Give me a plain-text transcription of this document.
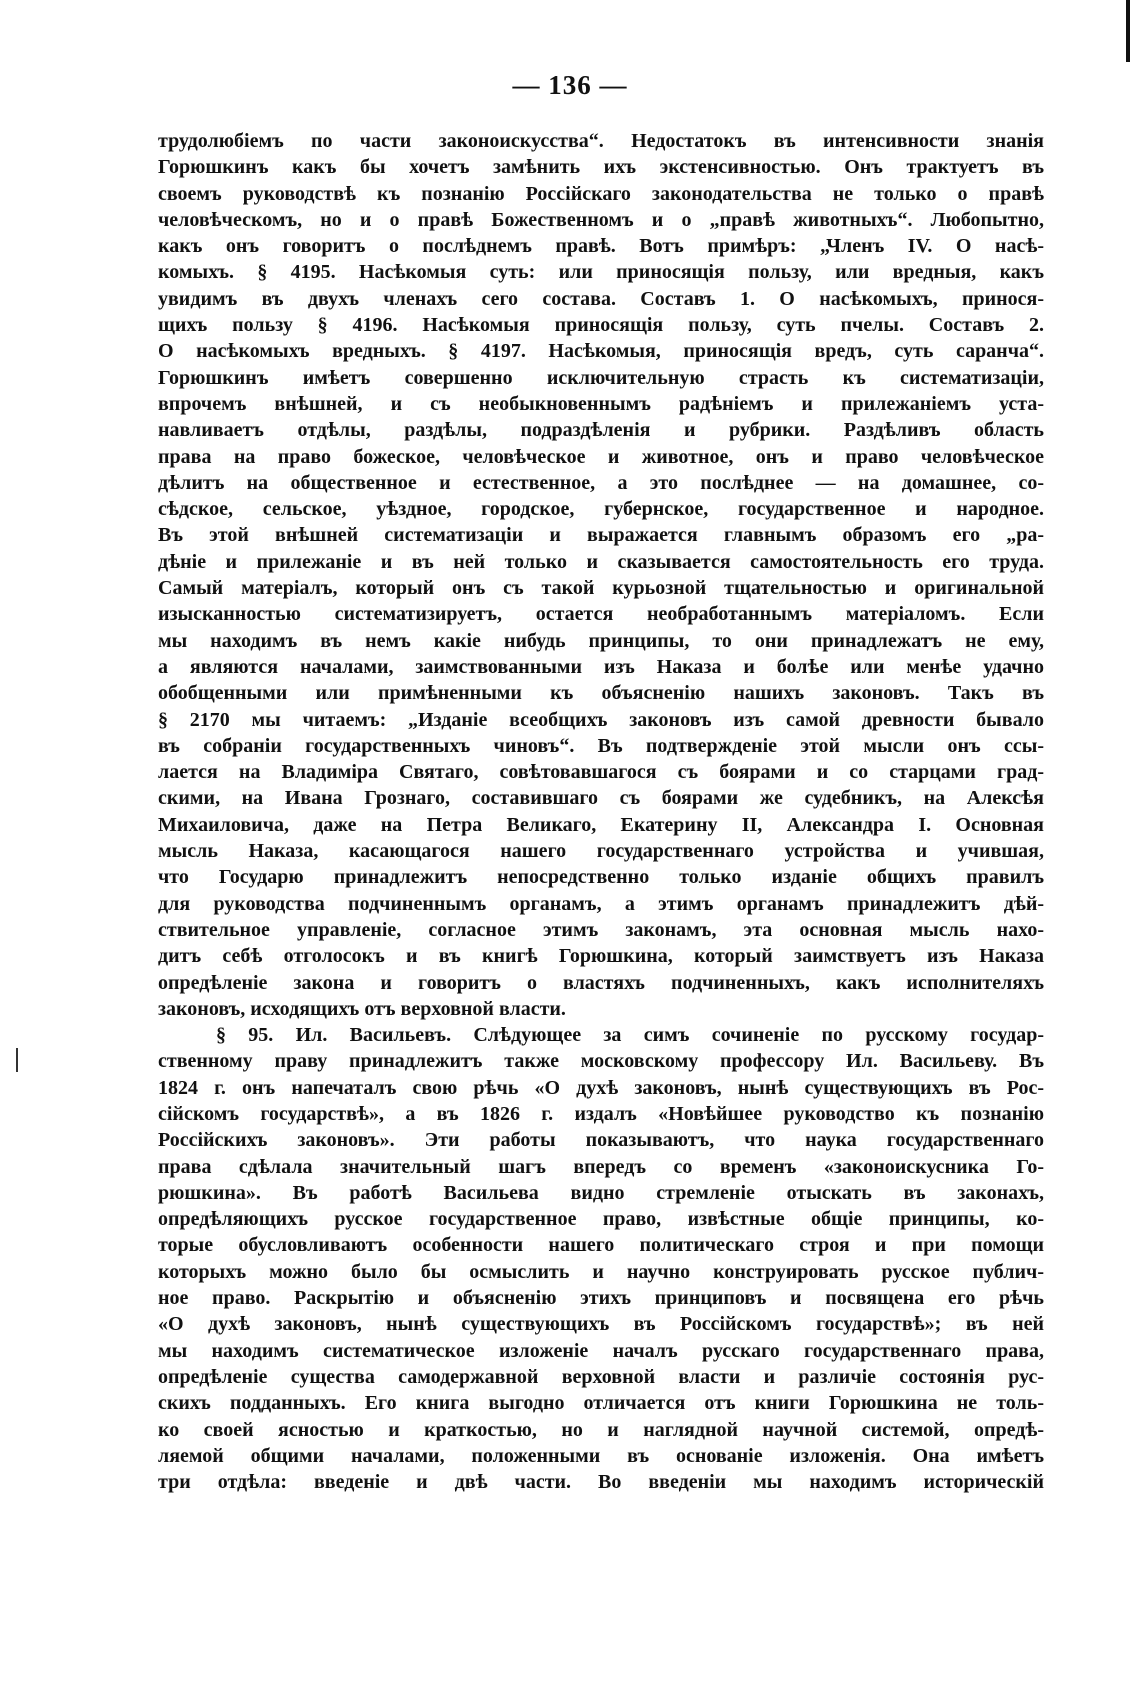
— 136 —
трудолюбіемъ по части законоискусства“. Недостатокъ въ интенсивности знанія
Горюшкинъ какъ бы хочетъ замѣнить ихъ экстенсивностью. Онъ трактуетъ въ
своемъ руководствѣ къ познанію Россійскаго законодательства не только о правѣ
человѣческомъ, но и о правѣ Божественномъ и о „правѣ животныхъ“. Любопытно,
какъ онъ говоритъ о послѣднемъ правѣ. Вотъ примѣръ: „Членъ IV. О насѣ-
комыхъ. § 4195. Насѣкомыя суть: или приносящія пользу, или вредныя, какъ
увидимъ въ двухъ членахъ сего состава. Составъ 1. О насѣкомыхъ, принося-
щихъ пользу § 4196. Насѣкомыя приносящія пользу, суть пчелы. Составъ 2.
О насѣкомыхъ вредныхъ. § 4197. Насѣкомыя, приносящія вредъ, суть саранча“.
Горюшкинъ имѣетъ совершенно исключительную страсть къ систематизаціи,
впрочемъ внѣшней, и съ необыкновеннымъ радѣніемъ и прилежаніемъ уста-
навливаетъ отдѣлы, раздѣлы, подраздѣленія и рубрики. Раздѣливъ область
права на право божеское, человѣческое и животное, онъ и право человѣческое
дѣлитъ на общественное и естественное, а это послѣднее — на домашнее, со-
сѣдское, сельское, уѣздное, городское, губернское, государственное и народное.
Въ этой внѣшней систематизаціи и выражается главнымъ образомъ его „ра-
дѣніе и прилежаніе и въ ней только и сказывается самостоятельность его труда.
Самый матеріалъ, который онъ съ такой курьозной тщательностью и оригинальной
изысканностью систематизируетъ, остается необработаннымъ матеріаломъ. Если
мы находимъ въ немъ какіе нибудь принципы, то они принадлежатъ не ему,
а являются началами, заимствованными изъ Наказа и болѣе или менѣе удачно
обобщенными или примѣненными къ объясненію нашихъ законовъ. Такъ въ
§ 2170 мы читаемъ: „Изданіе всеобщихъ законовъ изъ самой древности бывало
въ собраніи государственныхъ чиновъ“. Въ подтвержденіе этой мысли онъ ссы-
лается на Владиміра Святаго, совѣтовавшагося съ боярами и со старцами град-
скими, на Ивана Грознаго, составившаго съ боярами же судебникъ, на Алексѣя
Михаиловича, даже на Петра Великаго, Екатерину II, Александра I. Основная
мысль Наказа, касающагося нашего государственнаго устройства и учившая,
что Государю принадлежитъ непосредственно только изданіе общихъ правилъ
для руководства подчиненнымъ органамъ, а этимъ органамъ принадлежитъ дѣй-
ствительное управленіе, согласное этимъ законамъ, эта основная мысль нахо-
дитъ себѣ отголосокъ и въ книгѣ Горюшкина, который заимствуетъ изъ Наказа
опредѣленіе закона и говоритъ о властяхъ подчиненныхъ, какъ исполнителяхъ
законовъ, исходящихъ отъ верховной власти.
§ 95. Ил. Васильевъ. Слѣдующее за симъ сочиненіе по русскому государ-
ственному праву принадлежитъ также московскому профессору Ил. Васильеву. Въ
1824 г. онъ напечаталъ свою рѣчь «О духѣ законовъ, нынѣ существующихъ въ Рос-
сійскомъ государствѣ», а въ 1826 г. издалъ «Новѣйшее руководство къ познанію
Россійскихъ законовъ». Эти работы показываютъ, что наука государственнаго
права сдѣлала значительный шагъ впередъ со временъ «законоискусника Го-
рюшкина». Въ работѣ Васильева видно стремленіе отыскать въ законахъ,
опредѣляющихъ русское государственное право, извѣстные общіе принципы, ко-
торые обусловливаютъ особенности нашего политическаго строя и при помощи
которыхъ можно было бы осмыслить и научно конструировать русское публич-
ное право. Раскрытію и объясненію этихъ принциповъ и посвящена его рѣчь
«О духѣ законовъ, нынѣ существующихъ въ Россійскомъ государствѣ»; въ ней
мы находимъ систематическое изложеніе началъ русскаго государственнаго права,
опредѣленіе существа самодержавной верховной власти и различіе состоянія рус-
скихъ подданныхъ. Его книга выгодно отличается отъ книги Горюшкина не толь-
ко своей ясностью и краткостью, но и наглядной научной системой, опредѣ-
ляемой общими началами, положенными въ основаніе изложенія. Она имѣетъ
три отдѣла: введеніе и двѣ части. Во введеніи мы находимъ историческій
